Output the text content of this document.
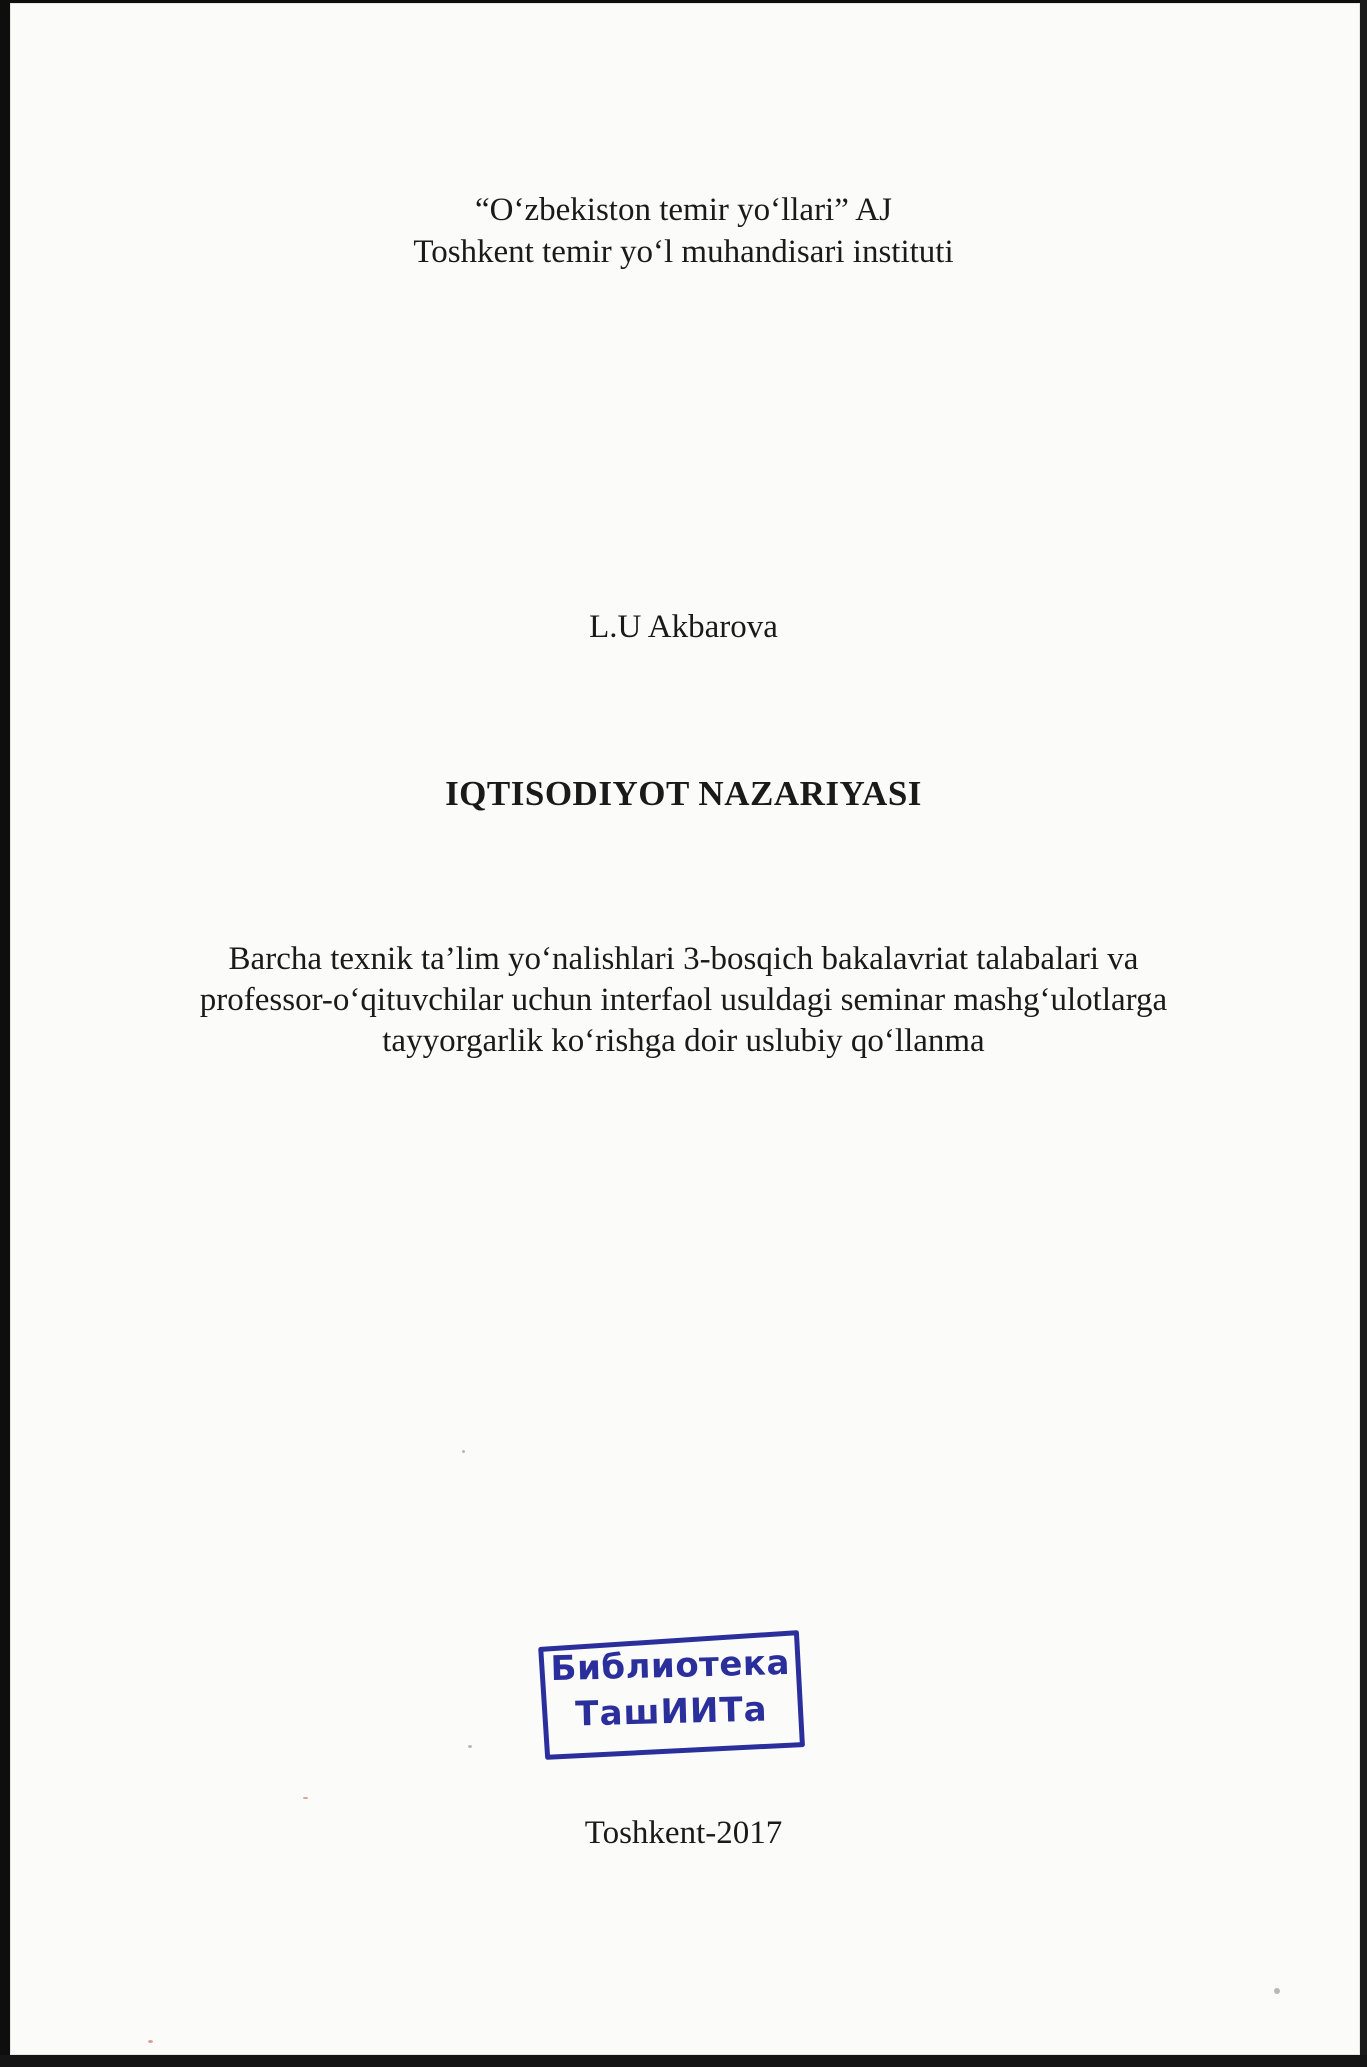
“O‘zbekiston temir yo‘llari” AJ
Toshkent temir yo‘l muhandisari instituti
L.U Akbarova
IQTISODIYOT NAZARIYASI
Barcha texnik ta’lim yo‘nalishlari 3-bosqich bakalavriat talabalari va
professor-o‘qituvchilar uchun interfaol usuldagi seminar mashg‘ulotlarga
tayyorgarlik ko‘rishga doir uslubiy qo‘llanma
Библиотека
ТашИИТа
Toshkent-2017
